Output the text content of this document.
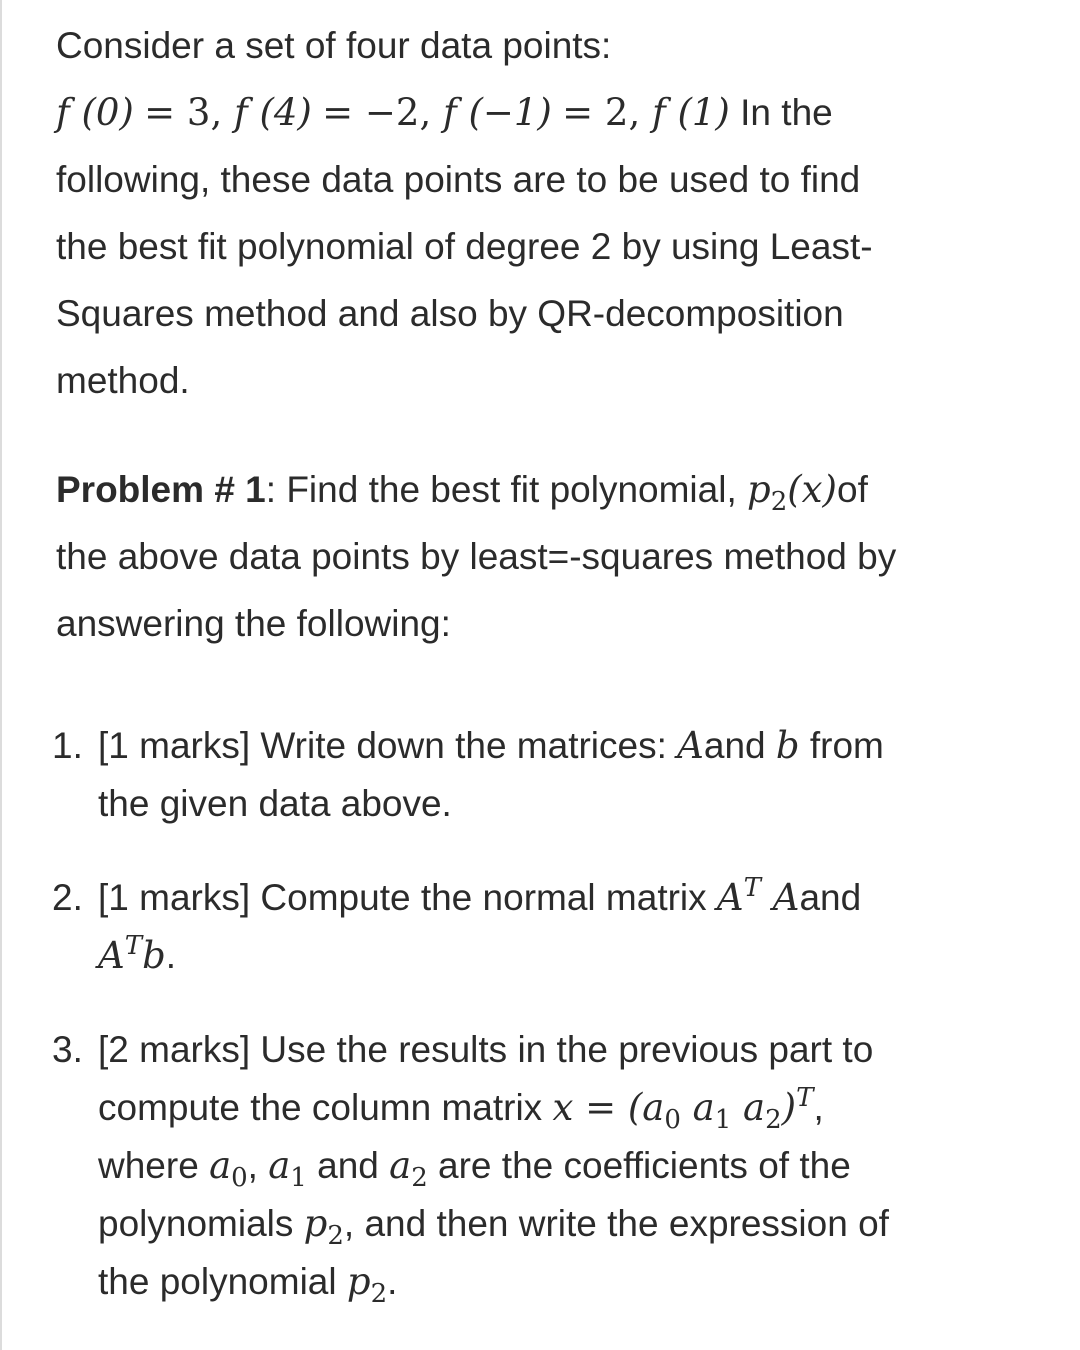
Consider a set of four data points:

f (0) = 3, f (4) = −2, f (−1) = 2, f (1) In the

following, these data points are to be used to find

the best fit polynomial of degree 2 by using Least-

Squares method and also by QR-decomposition

method.

Problem # 1: Find the best fit polynomial, $p_2(x)of$

the above data points by least=-squares method by

answering the following:

1. [1 marks] Write down the matrices: Aand b from
the given data above.
2. [1 marks] Compute the normal matrix $A^T$ Aand
$A^Tb$.
3. [2 marks] Use the results in the previous part to
compute the column matrix $x = (a_0$ $a_1$ $a_2)^T$,
where $a_0$, $a_1$ and $a_2$ are the coefficients of the
polynomials $p_2$, and then write the expression of
the polynomial $p_2$.
